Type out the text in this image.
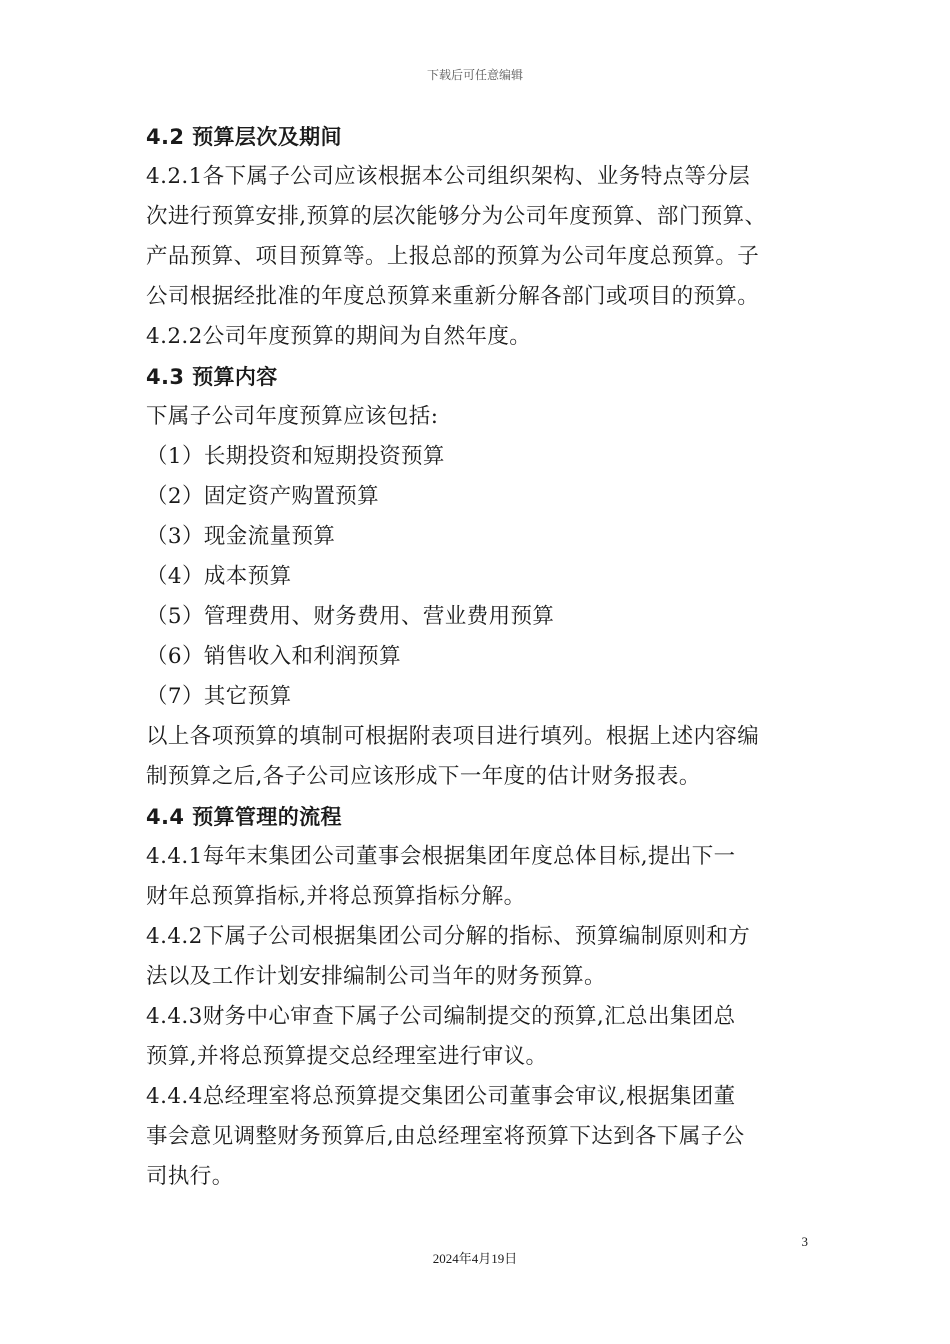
下载后可任意编辑
4.2 预算层次及期间
4.2.1各下属子公司应该根据本公司组织架构、业务特点等分层
次进行预算安排,预算的层次能够分为公司年度预算、部门预算、
产品预算、项目预算等。上报总部的预算为公司年度总预算。子
公司根据经批准的年度总预算来重新分解各部门或项目的预算。
4.2.2公司年度预算的期间为自然年度。
4.3 预算内容
下属子公司年度预算应该包括:
（1）长期投资和短期投资预算
（2）固定资产购置预算
（3）现金流量预算
（4）成本预算
（5）管理费用、财务费用、营业费用预算
（6）销售收入和利润预算
（7）其它预算
以上各项预算的填制可根据附表项目进行填列。根据上述内容编
制预算之后,各子公司应该形成下一年度的估计财务报表。
4.4 预算管理的流程
4.4.1每年末集团公司董事会根据集团年度总体目标,提出下一
财年总预算指标,并将总预算指标分解。
4.4.2下属子公司根据集团公司分解的指标、预算编制原则和方
法以及工作计划安排编制公司当年的财务预算。
4.4.3财务中心审查下属子公司编制提交的预算,汇总出集团总
预算,并将总预算提交总经理室进行审议。
4.4.4总经理室将总预算提交集团公司董事会审议,根据集团董
事会意见调整财务预算后,由总经理室将预算下达到各下属子公
司执行。
3
2024年4月19日
